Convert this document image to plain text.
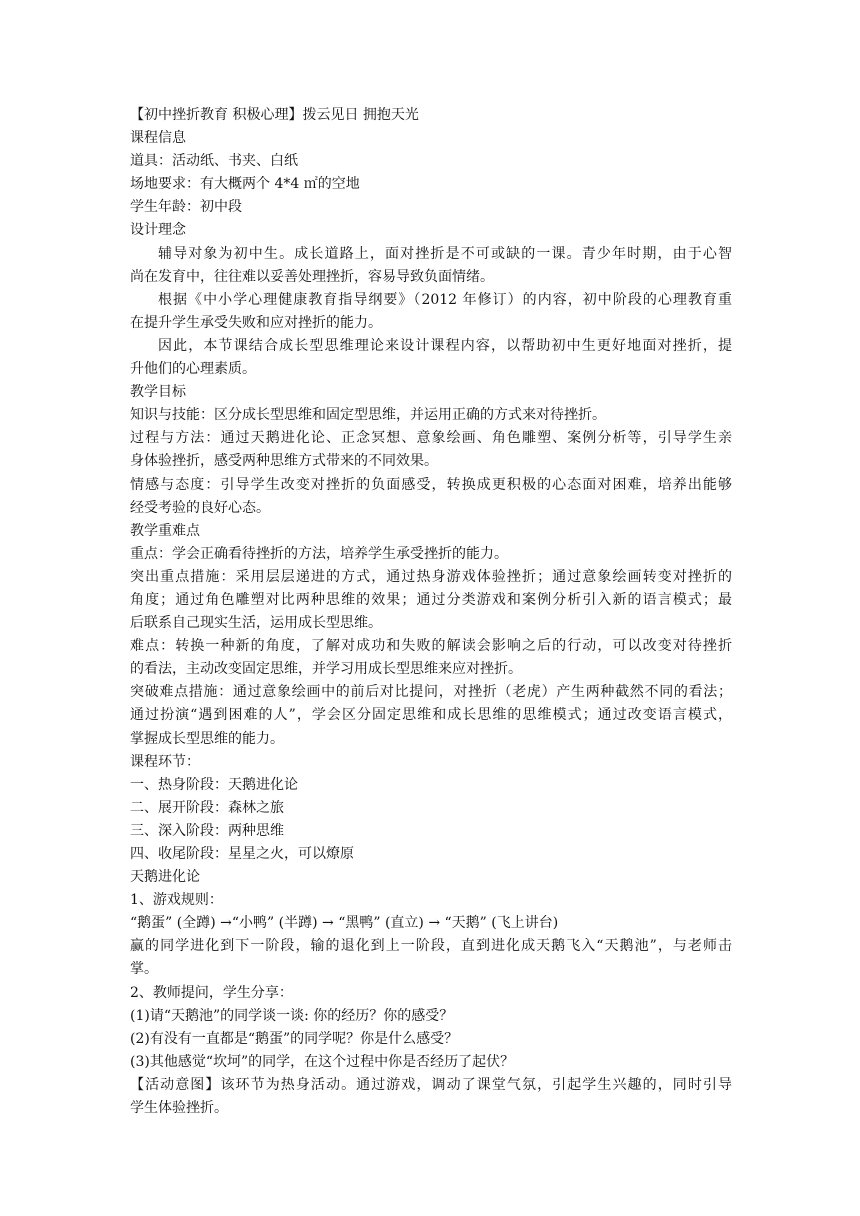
【初中挫折教育 积极心理】拨云见日 拥抱天光
课程信息
道具：活动纸、书夹、白纸
场地要求：有大概两个 4*4 ㎡的空地
学生年龄：初中段
设计理念
辅导对象为初中生。成长道路上，面对挫折是不可或缺的一课。青少年时期，由于心智
尚在发育中，往往难以妥善处理挫折，容易导致负面情绪。
根据《中小学心理健康教育指导纲要》（2012 年修订）的内容，初中阶段的心理教育重
在提升学生承受失败和应对挫折的能力。
因此，本节课结合成长型思维理论来设计课程内容，以帮助初中生更好地面对挫折，提
升他们的心理素质。
教学目标
知识与技能：区分成长型思维和固定型思维，并运用正确的方式来对待挫折。
过程与方法：通过天鹅进化论、正念冥想、意象绘画、角色雕塑、案例分析等，引导学生亲
身体验挫折，感受两种思维方式带来的不同效果。
情感与态度：引导学生改变对挫折的负面感受，转换成更积极的心态面对困难，培养出能够
经受考验的良好心态。
教学重难点
重点：学会正确看待挫折的方法，培养学生承受挫折的能力。
突出重点措施：采用层层递进的方式，通过热身游戏体验挫折；通过意象绘画转变对挫折的
角度；通过角色雕塑对比两种思维的效果；通过分类游戏和案例分析引入新的语言模式；最
后联系自己现实生活，运用成长型思维。
难点：转换一种新的角度，了解对成功和失败的解读会影响之后的行动，可以改变对待挫折
的看法，主动改变固定思维，并学习用成长型思维来应对挫折。
突破难点措施：通过意象绘画中的前后对比提问，对挫折（老虎）产生两种截然不同的看法；
通过扮演“遇到困难的人”，学会区分固定思维和成长思维的思维模式；通过改变语言模式，
掌握成长型思维的能力。
课程环节：
一、热身阶段：天鹅进化论
二、展开阶段：森林之旅
三、深入阶段：两种思维
四、收尾阶段：星星之火，可以燎原
天鹅进化论
1、游戏规则：
“鹅蛋” (全蹲) →“小鸭” (半蹲) → “黑鸭” (直立) → “天鹅” (飞上讲台)
赢的同学进化到下一阶段，输的退化到上一阶段，直到进化成天鹅飞入“天鹅池”，与老师击
掌。
2、教师提问，学生分享：
(1)请“天鹅池”的同学谈一谈: 你的经历？你的感受？
(2)有没有一直都是“鹅蛋”的同学呢？你是什么感受？
(3)其他感觉“坎坷”的同学，在这个过程中你是否经历了起伏？
【活动意图】该环节为热身活动。通过游戏，调动了课堂气氛，引起学生兴趣的，同时引导
学生体验挫折。
